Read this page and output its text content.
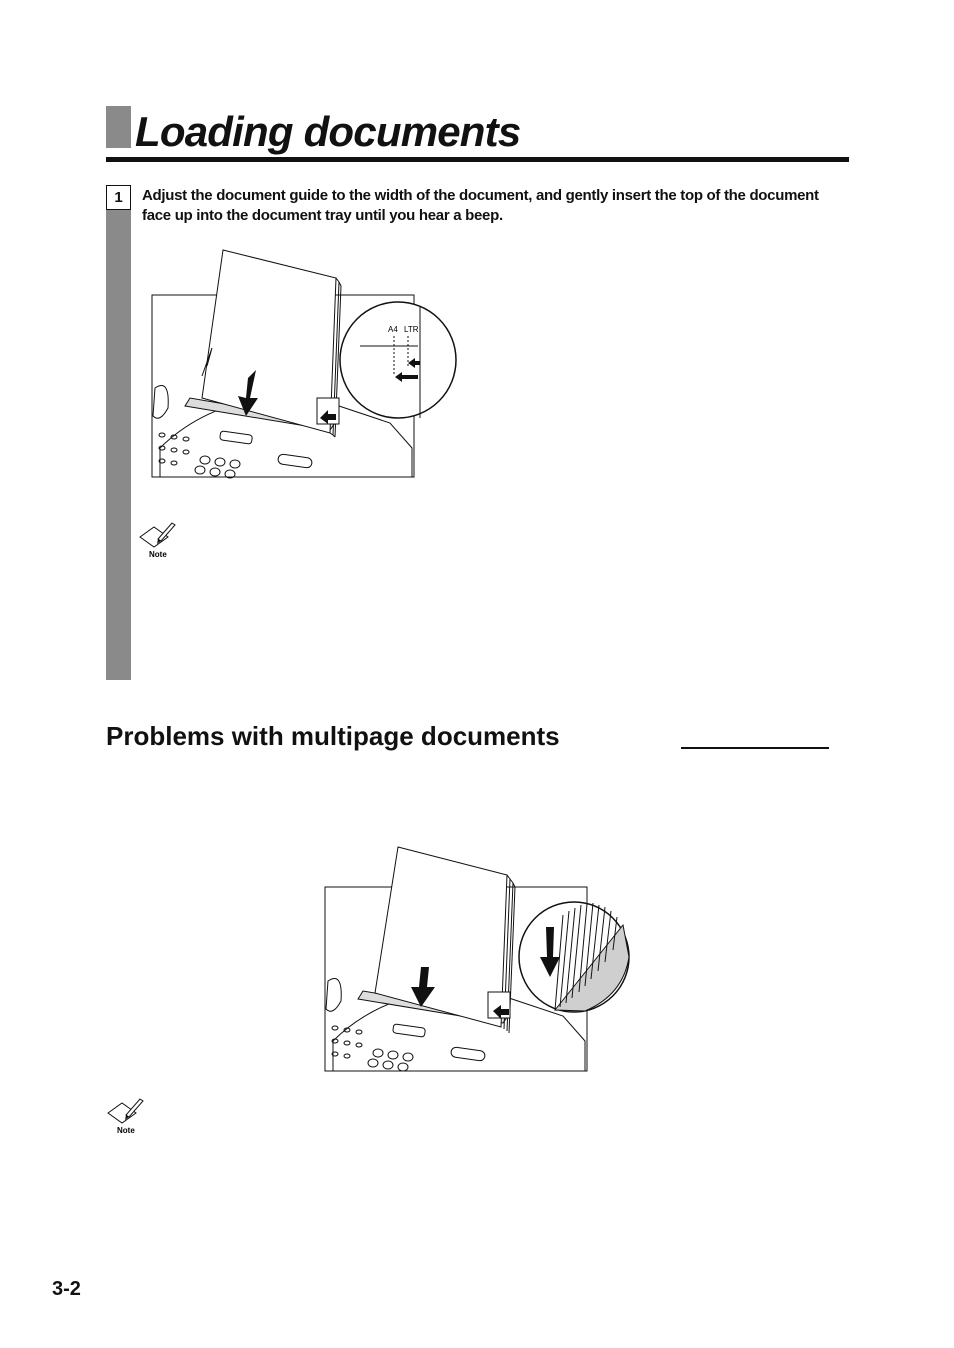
Loading documents
1	Adjust the document guide to the width of the document, and gently insert the top of the document face up into the document tray until you hear a beep.

A4 LTR
Note
Problems with multipage documents
Note
3-2
